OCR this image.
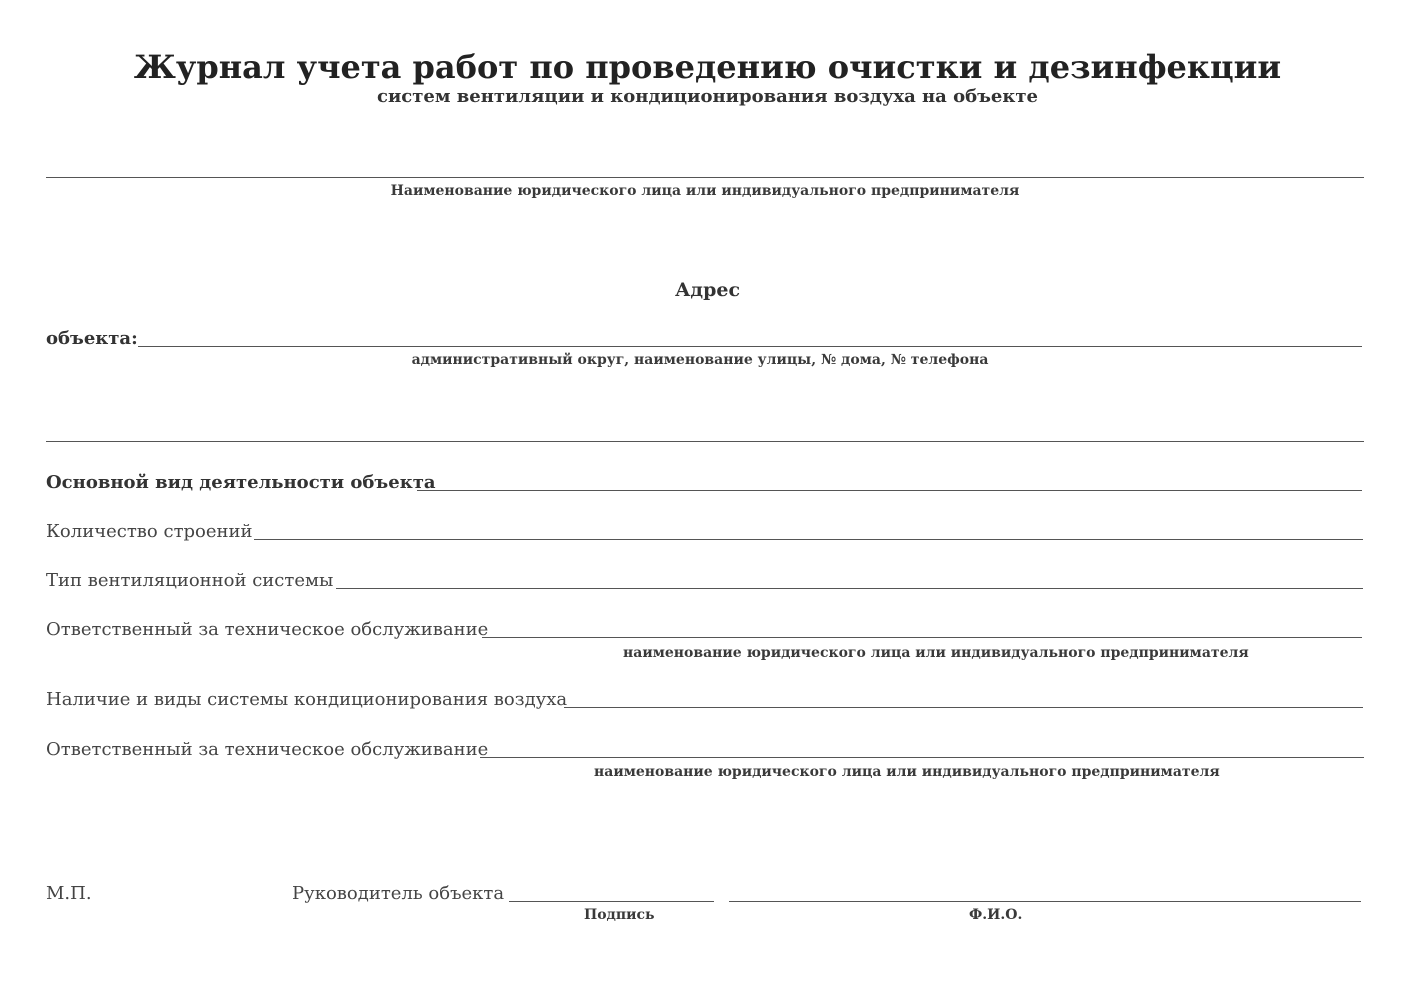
Журнал учета работ по проведению очистки и дезинфекции
систем вентиляции и кондиционирования воздуха на объекте
Наименование юридического лица или индивидуального предпринимателя
Адрес
объекта:
административный округ, наименование улицы, № дома, № телефона
Основной вид деятельности объекта
Количество строений
Тип вентиляционной системы
Ответственный за техническое обслуживание
наименование юридического лица или индивидуального предпринимателя
Наличие и виды системы кондиционирования воздуха
Ответственный за техническое обслуживание
наименование юридического лица или индивидуального предпринимателя
М.П.	Руководитель объекта
Подпись	Ф.И.О.
